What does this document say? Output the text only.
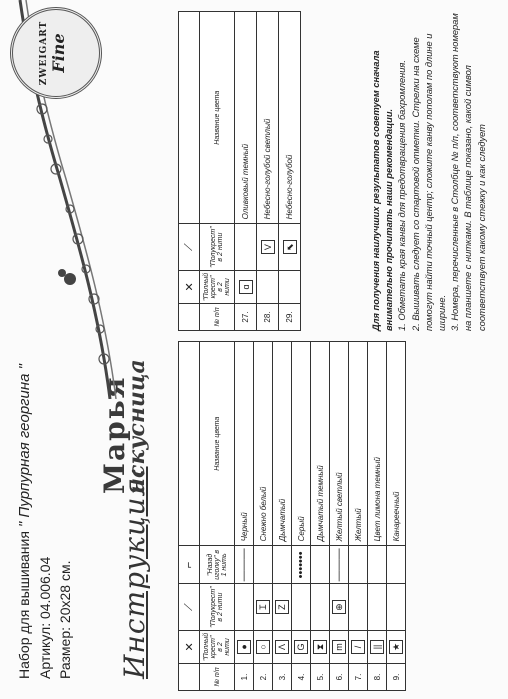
Набор для вышивания " Пурпурная георгина "
Артикул: 04.006.04
Размер: 20х28 см. Инструкция:
Марья
искусница
ZWEIGART Fine
	✕	⟋	⌐	
№ п/п	"Полный крест" в 2 нити	"Полукрест" в 2 нити	"Назад иголку" в 1 нить	Название цвета
1.	●		———	Черный
2.	○	Ɪ		Снежно белый
3.	Λ	Z		Дымчатый
4.	G		•••••••	Серый
5.	⧗			Дымчатый темный
6.	m	⊕	———	Желтый светлый
7.	/			Желтый
8.	||			Цвет лимона темный
9.	★			Канареечный
	✕	⟋	
№ п/п	"Полный крест" в 2 нити	"Полукрест" в 2 нити	Название цвета
27.	ɑ		Оливковый темный
28.		V	Небесно-голубой светлый
29.		⬉	Небесно-голубой	Для получения наилучших результатов советуем сначала внимательно прочитать наши рекомендации. 1. Обметать края канвы для предотвращения бахромления. 2. Вышивать следует со стартовой отметки. Стрелки на схеме помогут найти точный центр; сложите канву пополам по длине и ширине. 3. Номера, перечисленные в Столбце № п/п, соответствуют номерам на планшете с нитками. В таблице показано, какой символ соответствует какому стежку и как следует
